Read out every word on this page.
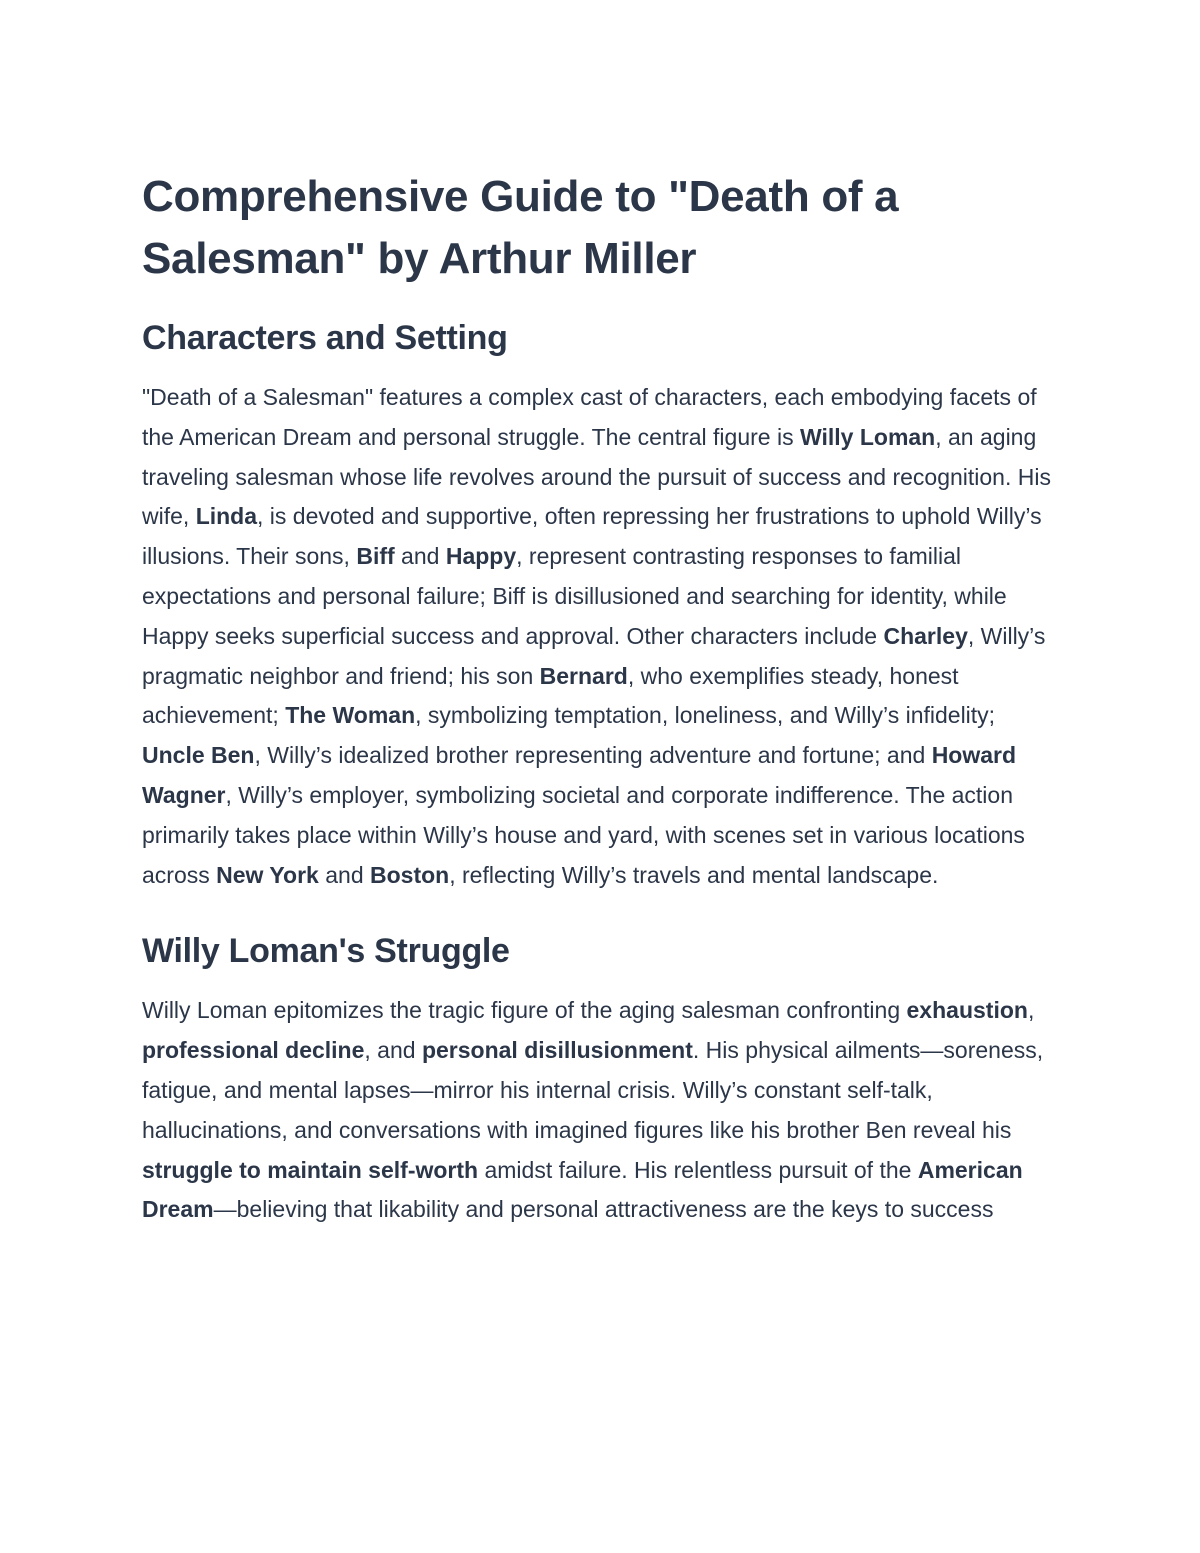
Comprehensive Guide to "Death of a Salesman" by Arthur Miller
Characters and Setting

"Death of a Salesman" features a complex cast of characters, each embodying facets of the American Dream and personal struggle. The central figure is Willy Loman, an aging traveling salesman whose life revolves around the pursuit of success and recognition. His wife, Linda, is devoted and supportive, often repressing her frustrations to uphold Willy’s illusions. Their sons, Biff and Happy, represent contrasting responses to familial expectations and personal failure; Biff is disillusioned and searching for identity, while Happy seeks superficial success and approval. Other characters include Charley, Willy’s pragmatic neighbor and friend; his son Bernard, who exemplifies steady, honest achievement; The Woman, symbolizing temptation, loneliness, and Willy’s infidelity; Uncle Ben, Willy’s idealized brother representing adventure and fortune; and Howard Wagner, Willy’s employer, symbolizing societal and corporate indifference. The action primarily takes place within Willy’s house and yard, with scenes set in various locations across New York and Boston, reflecting Willy’s travels and mental landscape.

Willy Loman's Struggle

Willy Loman epitomizes the tragic figure of the aging salesman confronting exhaustion, professional decline, and personal disillusionment. His physical ailments—soreness, fatigue, and mental lapses—mirror his internal crisis. Willy’s constant self-talk, hallucinations, and conversations with imagined figures like his brother Ben reveal his struggle to maintain self-worth amidst failure. His relentless pursuit of the American Dream—believing that likability and personal attractiveness are the keys to success
